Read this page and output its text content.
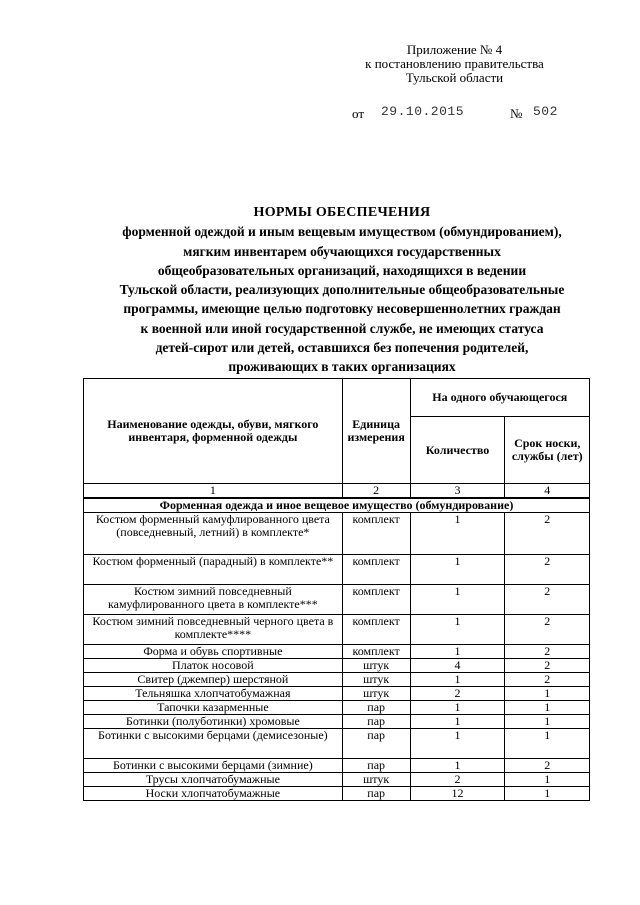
Приложение № 4
к постановлению правительства
Тульской области
от 29.10.2015	№ 502
НОРМЫ ОБЕСПЕЧЕНИЯ
форменной одеждой и иным вещевым имуществом (обмундированием),
мягким инвентарем обучающихся государственных
общеобразовательных организаций, находящихся в ведении
Тульской области, реализующих дополнительные общеобразовательные
программы, имеющие целью подготовку несовершеннолетних граждан
к военной или иной государственной службе, не имеющих статуса
детей-сирот или детей, оставшихся без попечения родителей,
проживающих в таких организациях
Наименование одежды, обуви, мягкого инвентаря, форменной одежды	Единица измерения	На одного обучающегося	
		Количество	Срок носки, службы (лет)
1	2	3	4
Форменная одежда и иное вещевое имущество (обмундирование)			
Костюм форменный камуфлированного цвета (повседневный, летний) в комплекте*	комплект	1	2
Костюм форменный (парадный) в комплекте**	комплект	1	2
Костюм зимний повседневный камуфлированного цвета в комплекте***	комплект	1	2
Костюм зимний повседневный черного цвета в комплекте****	комплект	1	2
Форма и обувь спортивные	комплект	1	2
Платок носовой	штук	4	2
Свитер (джемпер) шерстяной	штук	1	2
Тельняшка хлопчатобумажная	штук	2	1
Тапочки казарменные	пар	1	1
Ботинки (полуботинки) хромовые	пар	1	1
Ботинки с высокими берцами (демисезоные)	пар	1	1
Ботинки с высокими берцами (зимние)	пар	1	2
Трусы хлопчатобумажные	штук	2	1
Носки хлопчатобумажные	пар	12	1
